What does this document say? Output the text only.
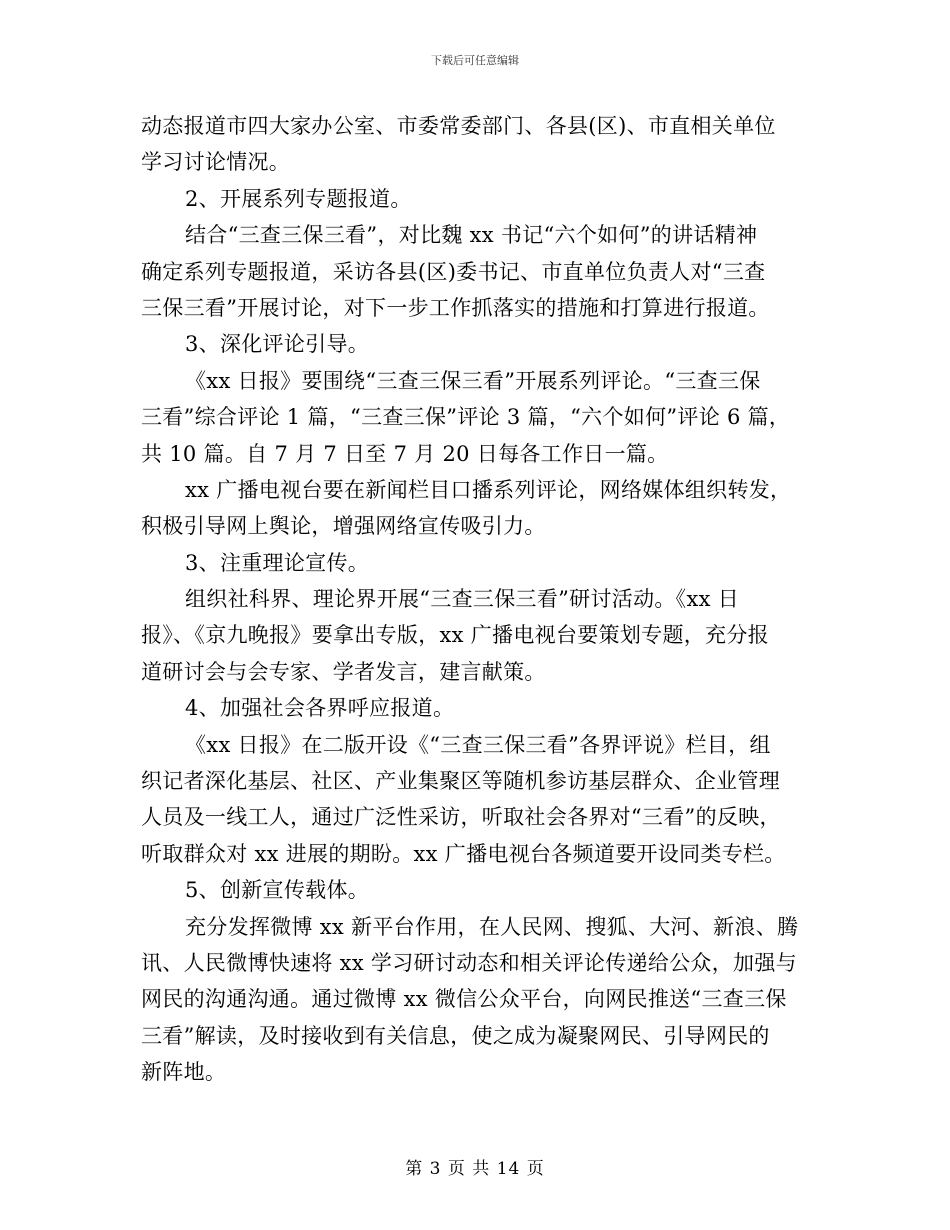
下载后可任意编辑
动态报道市四大家办公室、市委常委部门、各县(区)、市直相关单位
学习讨论情况。
2、开展系列专题报道。
结合“三查三保三看”，对比魏 xx 书记“六个如何”的讲话精神
确定系列专题报道，采访各县(区)委书记、市直单位负责人对“三查
三保三看”开展讨论，对下一步工作抓落实的措施和打算进行报道。
3、深化评论引导。
《xx 日报》要围绕“三查三保三看”开展系列评论。“三查三保
三看”综合评论 1 篇，“三查三保”评论 3 篇，“六个如何”评论 6 篇，
共 10 篇。自 7 月 7 日至 7 月 20 日每各工作日一篇。
xx 广播电视台要在新闻栏目口播系列评论，网络媒体组织转发，
积极引导网上舆论，增强网络宣传吸引力。
3、注重理论宣传。
组织社科界、理论界开展“三查三保三看”研讨活动。《xx 日
报》、《京九晚报》要拿出专版，xx 广播电视台要策划专题，充分报
道研讨会与会专家、学者发言，建言献策。
4、加强社会各界呼应报道。
《xx 日报》在二版开设《“三查三保三看”各界评说》栏目，组
织记者深化基层、社区、产业集聚区等随机参访基层群众、企业管理
人员及一线工人，通过广泛性采访，听取社会各界对“三看”的反映，
听取群众对 xx 进展的期盼。xx 广播电视台各频道要开设同类专栏。
5、创新宣传载体。
充分发挥微博 xx 新平台作用，在人民网、搜狐、大河、新浪、腾
讯、人民微博快速将 xx 学习研讨动态和相关评论传递给公众，加强与
网民的沟通沟通。通过微博 xx 微信公众平台，向网民推送“三查三保
三看”解读，及时接收到有关信息，使之成为凝聚网民、引导网民的
新阵地。
第 3 页 共 14 页
